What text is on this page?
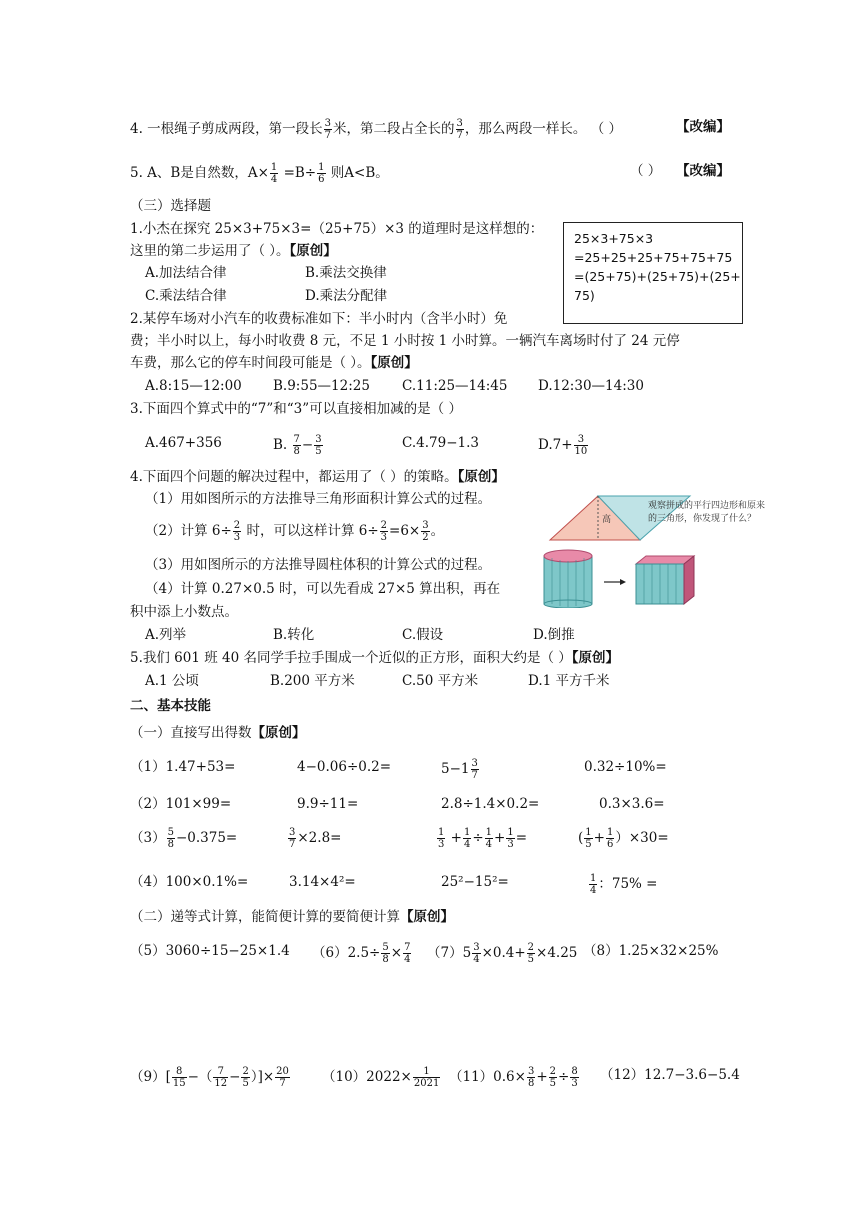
4. 一根绳子剪成两段，第一段长 $\frac{3}{7}$ 米，第二段占全长的 $\frac{3}{7}$ ，那么两段一样长。 （ ）	【改编】
5. A、B是自然数，$A\times \frac{1}{4} =B\div \frac{1}{6}$ 则A<B。	（ ） 【改编】
（三）选择题
1.小杰在探究 25×3+75×3=（25+75）×3 的道理时是这样想的：
这里的第二步运用了（ ）。【原创】
A.加法结合律	B.乘法交换律
C.乘法结合律	D.乘法分配律
25×3+75×3
=25+25+25+75+75+75
=(25+75)+(25+75)+(25+
75)
2.某停车场对小汽车的收费标准如下：半小时内（含半小时）免
费；半小时以上，每小时收费 8 元，不足 1 小时按 1 小时算。一辆汽车离场时付了 24 元停
车费，那么它的停车时间段可能是（ ）。【原创】
A.8:15—12:00 B.9:55—12:25 C.11:25—14:45 D.12:30—14:30
3.下面四个算式中的“7”和“3”可以直接相加减的是（ ）
A.467+356	B. $\frac{7}{8} - \frac{3}{5}$	C.4.79−1.3	$D.7+ \frac{3}{10}$
4.下面四个问题的解决过程中，都运用了（ ）的策略。【原创】
（1）用如图所示的方法推导三角形面积计算公式的过程。
（2）计算 $6\div \frac{2}{3}$ 时，可以这样计算 $6\div \frac{2}{3} =6\times \frac{3}{2}$ 。
（3）用如图所示的方法推导圆柱体积的计算公式的过程。
（4）计算 0.27×0.5 时，可以先看成 27×5 算出积，再在
积中添上小数点。
A.列举	B.转化	C.假设	D.倒推
高
观察拼成的平行四边形和原来的三角形，你发现了什么？
5.我们 601 班 40 名同学手拉手围成一个近似的正方形，面积大约是（ ）【原创】
A.1 公顷	B.200 平方米	C.50 平方米	D.1 平方千米
二、基本技能
（一）直接写出得数【原创】
（1）1.47+53=	4−0.06÷0.2=	$5-1 \frac{3}{7}$	0.32÷10%=
（2）101×99=	9.9÷11=	2.8÷1.4×0.2=	0.3×3.6=
$(3) \frac{5}{8} -0.375=$	$\frac{3}{7} \times 2.8=$	$\frac{1}{3} + \frac{1}{4} \div \frac{1}{4} + \frac{1}{3}$ =	( $\frac{1}{5} + \frac{1}{6} )\times 30=$
（4）100×0.1%=	3.14×4²=	25²−15²=	$\frac{1}{4}$ ：75% =
（二）递等式计算，能简便计算的要简便计算【原创】
（5）3060÷15−25×1.4 $(6)2.5\div \frac{5}{8} \times \frac{7}{4} (7)5 \frac{3}{4} \times 0.4+ \frac{2}{5} \times 4.25$ （8）1.25×32×25%
$(9)[ \frac{8}{15}$ −（ $\frac{7}{12} - \frac{2}{5}$ ）]× $\frac{20}{7} (10)2022\times \frac{1}{2021} (11)0.6\times \frac{3}{8} + \frac{2}{5} \div \frac{8}{3} (12)12.7-3.6-5.4$
